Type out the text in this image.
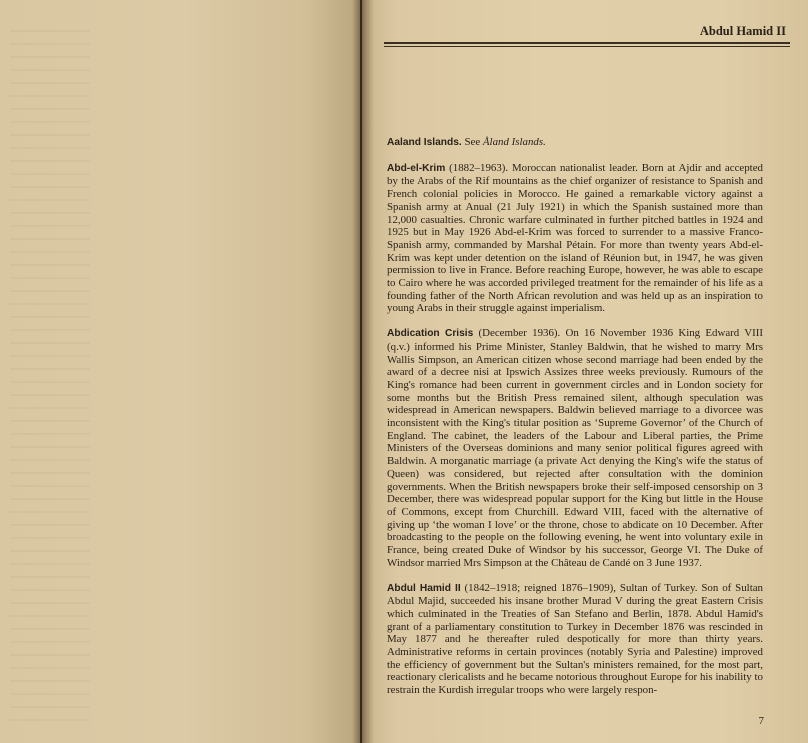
Abdul Hamid II

Aaland Islands. See Åland Islands.

Abd-el-Krim (1882–1963). Moroccan nationalist leader. Born at Ajdir and accepted by the Arabs of the Rif mountains as the chief organizer of resistance to Spanish and French colonial policies in Morocco. He gained a remarkable victory against a Spanish army at Anual (21 July 1921) in which the Spanish sustained more than 12,000 casualties. Chronic warfare culminated in further pitched battles in 1924 and 1925 but in May 1926 Abd-el-Krim was forced to surrender to a massive Franco-Spanish army, commanded by Marshal Pétain. For more than twenty years Abd-el-Krim was kept under detention on the island of Réunion but, in 1947, he was given permission to live in France. Before reaching Europe, however, he was able to escape to Cairo where he was accorded privileged treatment for the remainder of his life as a founding father of the North African revolution and was held up as an inspiration to young Arabs in their struggle against imperialism.

Abdication Crisis (December 1936). On 16 November 1936 King Edward VIII (q.v.) informed his Prime Minister, Stanley Baldwin, that he wished to marry Mrs Wallis Simpson, an American citizen whose second marriage had been ended by the award of a decree nisi at Ipswich Assizes three weeks previously. Rumours of the King's romance had been current in government circles and in London society for some months but the British Press remained silent, although speculation was widespread in American newspapers. Baldwin believed marriage to a divorcee was inconsistent with the King's titular position as ‘Supreme Governor’ of the Church of England. The cabinet, the leaders of the Labour and Liberal parties, the Prime Ministers of the Overseas dominions and many senior political figures agreed with Baldwin. A morganatic marriage (a private Act denying the King's wife the status of Queen) was considered, but rejected after consultation with the dominion governments. When the British newspapers broke their self-imposed censorship on 3 December, there was widespread popular support for the King but little in the House of Commons, except from Churchill. Edward VIII, faced with the alternative of giving up ‘the woman I love’ or the throne, chose to abdicate on 10 December. After broadcasting to the people on the following evening, he went into voluntary exile in France, being created Duke of Windsor by his successor, George VI. The Duke of Windsor married Mrs Simpson at the Château de Candé on 3 June 1937.

Abdul Hamid II (1842–1918; reigned 1876–1909), Sultan of Turkey. Son of Sultan Abdul Majid, succeeded his insane brother Murad V during the great Eastern Crisis which culminated in the Treaties of San Stefano and Berlin, 1878. Abdul Hamid's grant of a parliamentary constitution to Turkey in December 1876 was rescinded in May 1877 and he thereafter ruled despotically for more than thirty years. Administrative reforms in certain provinces (notably Syria and Palestine) improved the efficiency of government but the Sultan's ministers remained, for the most part, reactionary clericalists and he became notorious throughout Europe for his inability to restrain the Kurdish irregular troops who were largely respon-

7
